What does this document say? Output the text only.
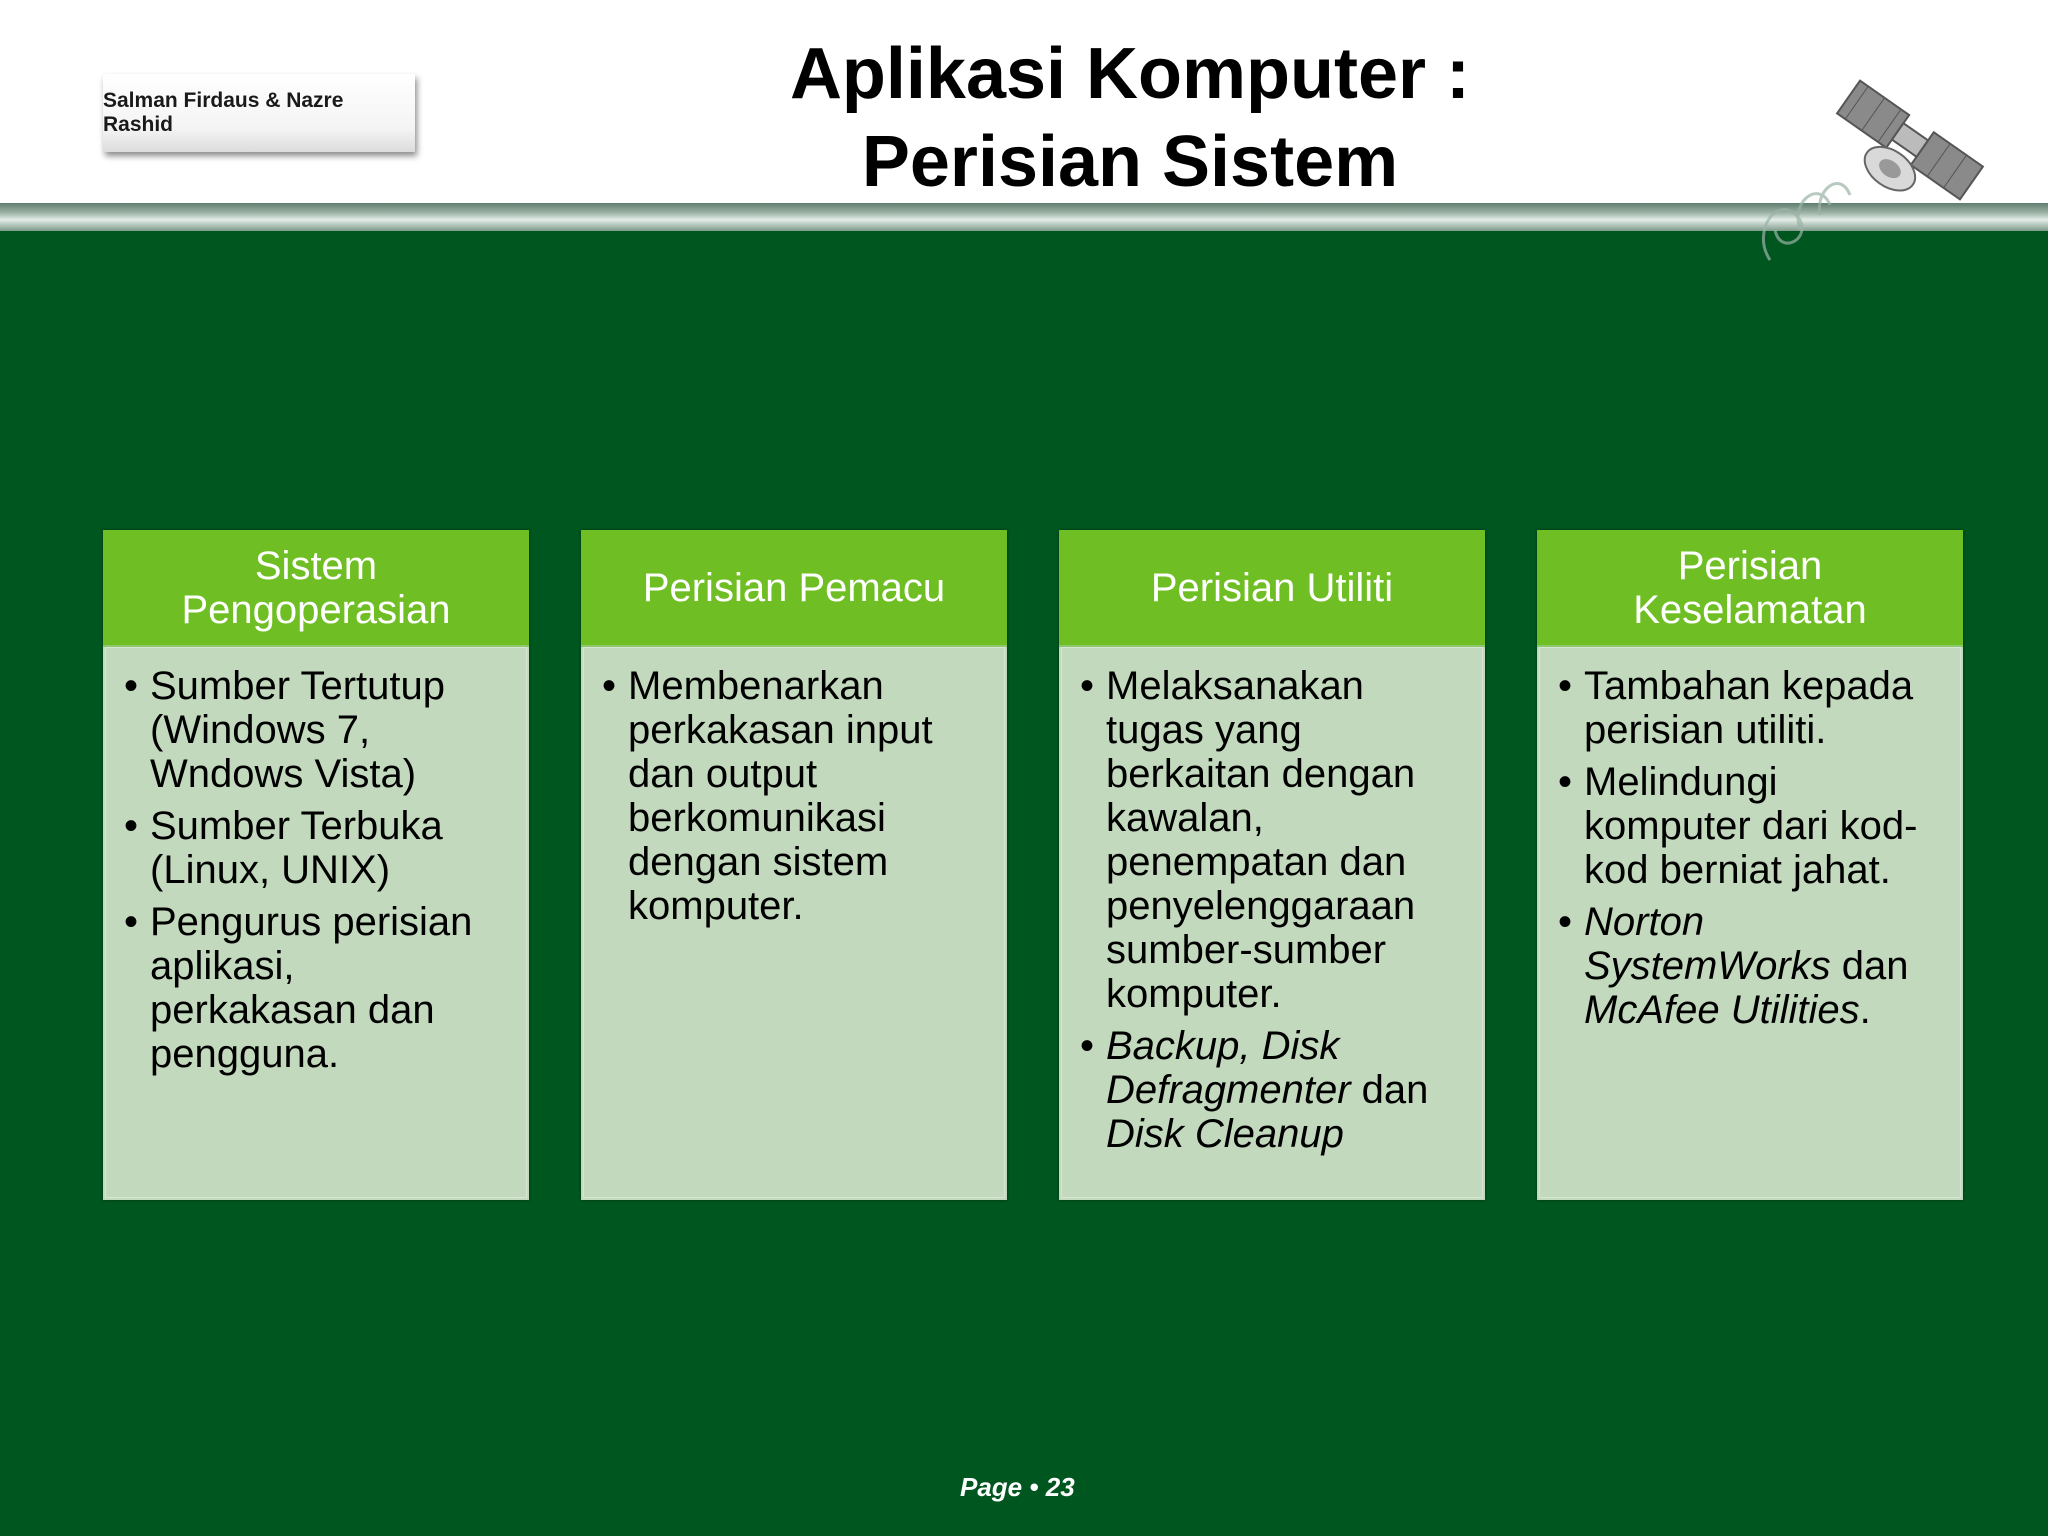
Salman Firdaus & Nazre Rashid
Aplikasi Komputer :
Perisian Sistem
Sistem Pengoperasian
• Sumber Tertutup (Windows 7, Wndows Vista)
• Sumber Terbuka (Linux, UNIX)
• Pengurus perisian aplikasi, perkakasan dan pengguna.
Perisian Pemacu
• Membenarkan perkakasan input dan output berkomunikasi dengan sistem komputer.
Perisian Utiliti
• Melaksanakan tugas yang berkaitan dengan kawalan, penempatan dan penyelenggaraan sumber-sumber komputer.
• Backup, Disk Defragmenter dan Disk Cleanup
Perisian Keselamatan
• Tambahan kepada perisian utiliti.
• Melindungi komputer dari kod-kod berniat jahat.
• Norton SystemWorks dan McAfee Utilities.
Page • 23
